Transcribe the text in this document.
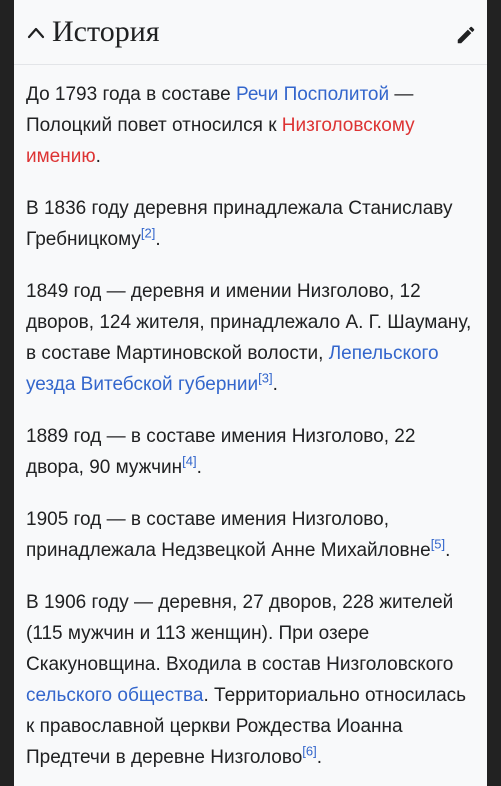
История

До 1793 года в составе Речи Посполитой — Полоцкий повет относился к Низголовскому имению.

В 1836 году деревня принадлежала Станиславу Гребницкому[2].

1849 год — деревня и имении Низголово, 12 дворов, 124 жителя, принадлежало А. Г. Шауману, в составе Мартиновской волости, Лепельского уезда Витебской губернии[3].

1889 год — в составе имения Низголово, 22 двора, 90 мужчин[4].

1905 год — в составе имения Низголово, принадлежала Недзвецкой Анне Михайловне[5].

В 1906 году — деревня, 27 дворов, 228 жителей (115 мужчин и 113 женщин). При озере Скакуновщина. Входила в состав Низголовского сельского общества. Территориально относилась к православной церкви Рождества Иоанна Предтечи в деревне Низголово[6].
